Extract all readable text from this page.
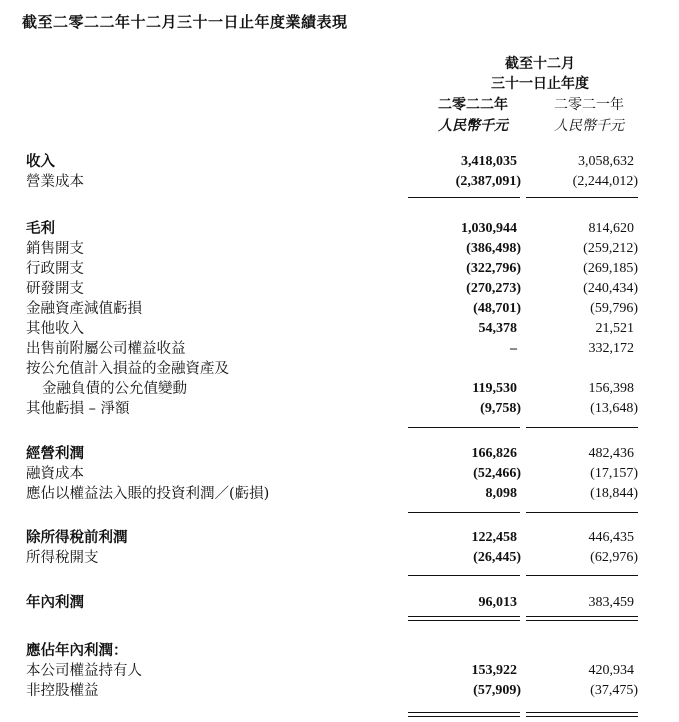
截至二零二二年十二月三十一日止年度業績表現
截至十二月
三十一日止年度
二零二二年	二零二一年
人民幣千元	人民幣千元
收入	3,418,035	3,058,632
營業成本	(2,387,091)	(2,244,012)
毛利	1,030,944	814,620
銷售開支	(386,498)	(259,212)
行政開支	(322,796)	(269,185)
研發開支	(270,273)	(240,434)
金融資產減值虧損	(48,701)	(59,796)
其他收入	54,378	21,521
出售前附屬公司權益收益	–	332,172
按公允值計入損益的金融資產及
金融負債的公允值變動	119,530	156,398
其他虧損 – 淨額	(9,758)	(13,648)
經營利潤	166,826	482,436
融資成本	(52,466)	(17,157)
應佔以權益法入賬的投資利潤／(虧損)	8,098	(18,844)
除所得稅前利潤	122,458	446,435
所得稅開支	(26,445)	(62,976)
年內利潤	96,013	383,459
應佔年內利潤：
本公司權益持有人	153,922	420,934
非控股權益	(57,909)	(37,475)
